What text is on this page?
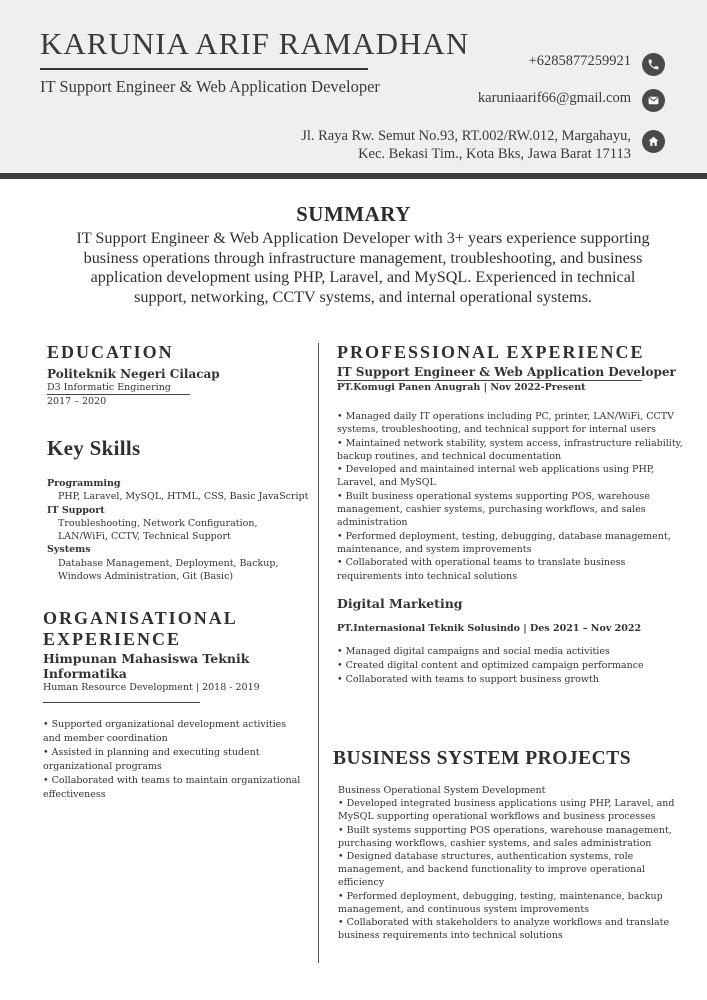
KARUNIA ARIF RAMADHAN
IT Support Engineer & Web Application Developer
+6285877259921
karuniaarif66@gmail.com
Jl. Raya Rw. Semut No.93, RT.002/RW.012, Margahayu,
Kec. Bekasi Tim., Kota Bks, Jawa Barat 17113
SUMMARY
IT Support Engineer & Web Application Developer with 3+ years experience supporting
business operations through infrastructure management, troubleshooting, and business
application development using PHP, Laravel, and MySQL. Experienced in technical
support, networking, CCTV systems, and internal operational systems.
EDUCATION
Politeknik Negeri Cilacap
D3 Informatic Enginering
2017 – 2020
Key Skills
Programming
PHP, Laravel, MySQL, HTML, CSS, Basic JavaScript
IT Support
Troubleshooting, Network Configuration,
LAN/WiFi, CCTV, Technical Support
Systems
Database Management, Deployment, Backup,
Windows Administration, Git (Basic)
ORGANISATIONAL
EXPERIENCE
Himpunan Mahasiswa Teknik
Informatika
Human Resource Development | 2018 - 2019
• Supported organizational development activities
and member coordination
• Assisted in planning and executing student
organizational programs
• Collaborated with teams to maintain organizational
effectiveness
PROFESSIONAL EXPERIENCE
IT Support Engineer & Web Application Developer
PT.Komugi Panen Anugrah | Nov 2022-Present
• Managed daily IT operations including PC, printer, LAN/WiFi, CCTV
systems, troubleshooting, and technical support for internal users
• Maintained network stability, system access, infrastructure reliability,
backup routines, and technical documentation
• Developed and maintained internal web applications using PHP,
Laravel, and MySQL
• Built business operational systems supporting POS, warehouse
management, cashier systems, purchasing workflows, and sales
administration
• Performed deployment, testing, debugging, database management,
maintenance, and system improvements
• Collaborated with operational teams to translate business
requirements into technical solutions
Digital Marketing
PT.Internasional Teknik Solusindo | Des 2021 – Nov 2022
• Managed digital campaigns and social media activities
• Created digital content and optimized campaign performance
• Collaborated with teams to support business growth
BUSINESS SYSTEM PROJECTS
Business Operational System Development
• Developed integrated business applications using PHP, Laravel, and
MySQL supporting operational workflows and business processes
• Built systems supporting POS operations, warehouse management,
purchasing workflows, cashier systems, and sales administration
• Designed database structures, authentication systems, role
management, and backend functionality to improve operational
efficiency
• Performed deployment, debugging, testing, maintenance, backup
management, and continuous system improvements
• Collaborated with stakeholders to analyze workflows and translate
business requirements into technical solutions
